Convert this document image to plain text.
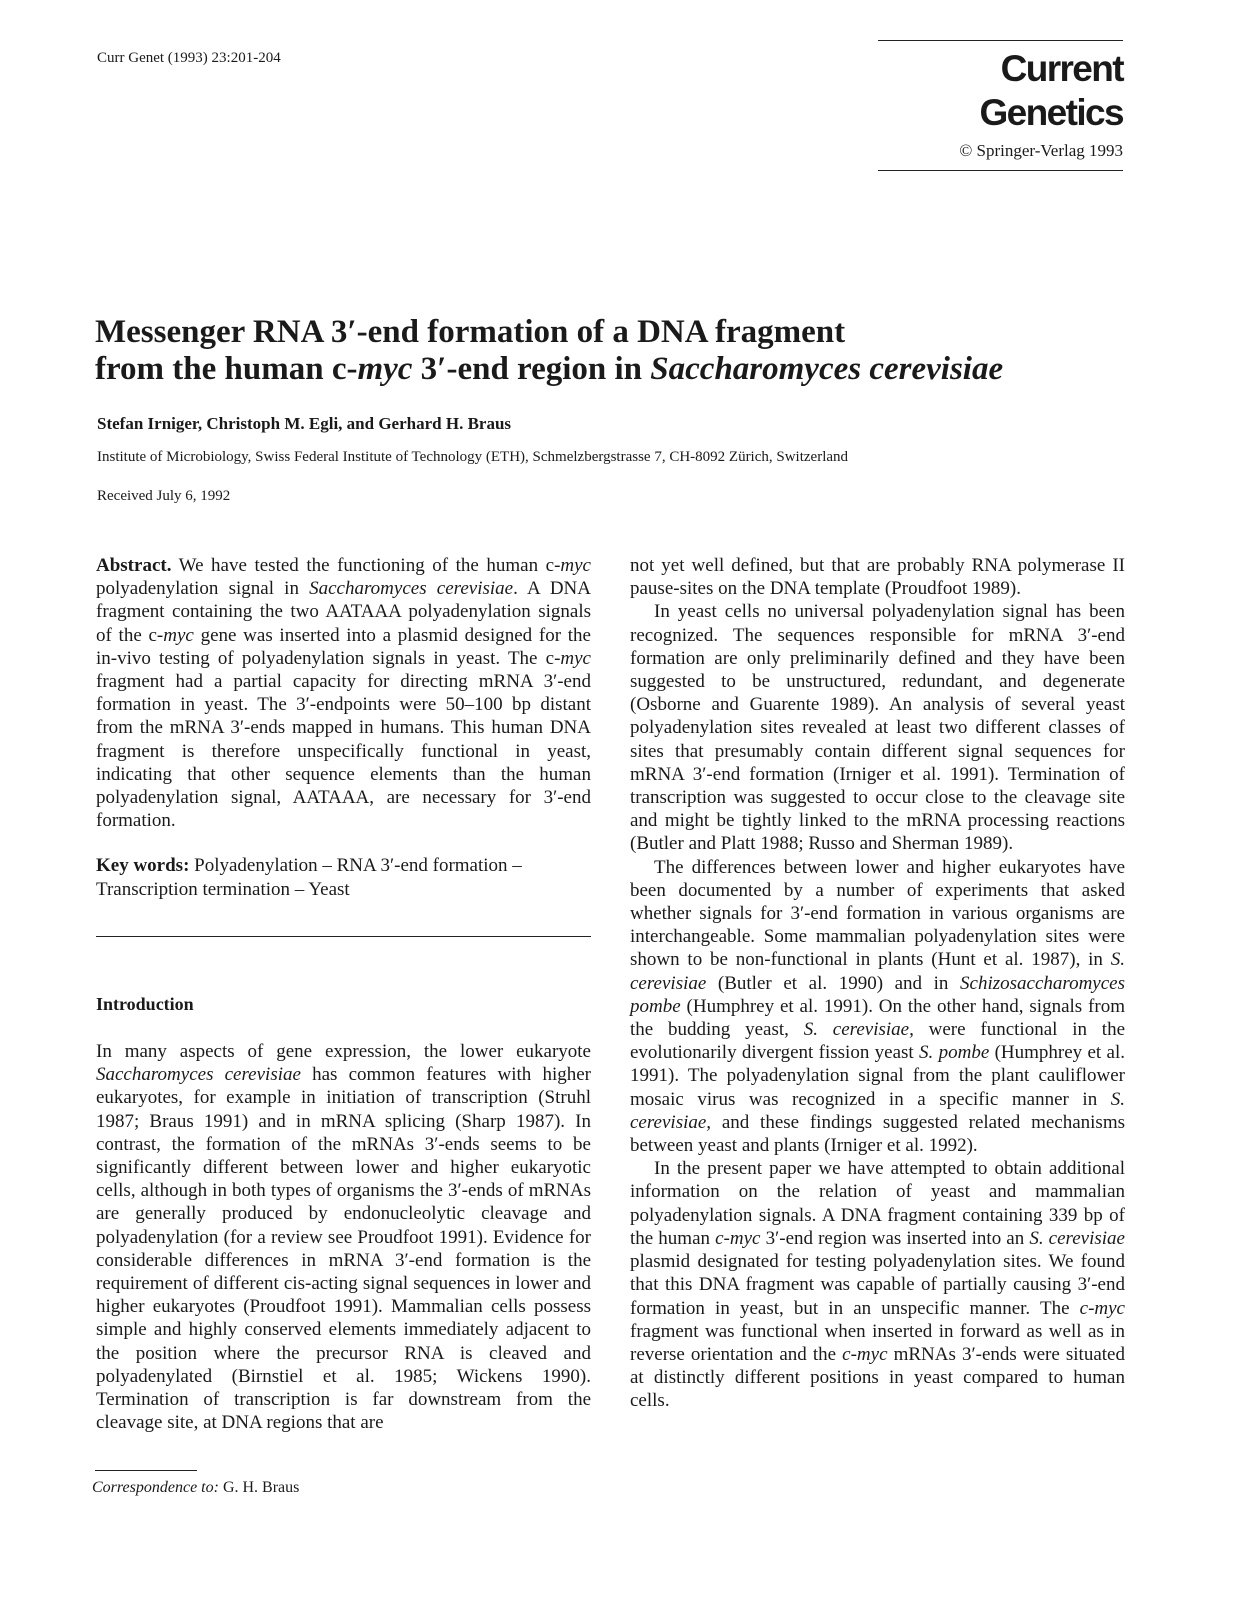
Curr Genet (1993) 23:201-204	Current Genetics
© Springer-Verlag 1993
Messenger RNA 3′-end formation of a DNA fragment
from the human c-myc 3′-end region in Saccharomyces cerevisiae
Stefan Irniger, Christoph M. Egli, and Gerhard H. Braus
Institute of Microbiology, Swiss Federal Institute of Technology (ETH), Schmelzbergstrasse 7, CH-8092 Zürich, Switzerland
Received July 6, 1992

Abstract. We have tested the functioning of the human c-myc polyadenylation signal in Saccharomyces cerevisiae. A DNA fragment containing the two AATAAA polyadenylation signals of the c-myc gene was inserted into a plasmid designed for the in-vivo testing of polyadenylation signals in yeast. The c-myc fragment had a partial capacity for directing mRNA 3′-end formation in yeast. The 3′-endpoints were 50–100 bp distant from the mRNA 3′-ends mapped in humans. This human DNA fragment is therefore unspecifically functional in yeast, indicating that other sequence elements than the human polyadenylation signal, AATAAA, are necessary for 3′-end formation.

Key words: Polyadenylation – RNA 3′-end formation – Transcription termination – Yeast

Introduction

In many aspects of gene expression, the lower eukaryote Saccharomyces cerevisiae has common features with higher eukaryotes, for example in initiation of transcription (Struhl 1987; Braus 1991) and in mRNA splicing (Sharp 1987). In contrast, the formation of the mRNAs 3′-ends seems to be significantly different between lower and higher eukaryotic cells, although in both types of organisms the 3′-ends of mRNAs are generally produced by endonucleolytic cleavage and polyadenylation (for a review see Proudfoot 1991). Evidence for considerable differences in mRNA 3′-end formation is the requirement of different cis-acting signal sequences in lower and higher eukaryotes (Proudfoot 1991). Mammalian cells possess simple and highly conserved elements immediately adjacent to the position where the precursor RNA is cleaved and polyadenylated (Birnstiel et al. 1985; Wickens 1990). Termination of transcription is far downstream from the cleavage site, at DNA regions that are

not yet well defined, but that are probably RNA polymerase II pause-sites on the DNA template (Proudfoot 1989).

In yeast cells no universal polyadenylation signal has been recognized. The sequences responsible for mRNA 3′-end formation are only preliminarily defined and they have been suggested to be unstructured, redundant, and degenerate (Osborne and Guarente 1989). An analysis of several yeast polyadenylation sites revealed at least two different classes of sites that presumably contain different signal sequences for mRNA 3′-end formation (Irniger et al. 1991). Termination of transcription was suggested to occur close to the cleavage site and might be tightly linked to the mRNA processing reactions (Butler and Platt 1988; Russo and Sherman 1989).

The differences between lower and higher eukaryotes have been documented by a number of experiments that asked whether signals for 3′-end formation in various organisms are interchangeable. Some mammalian polyadenylation sites were shown to be non-functional in plants (Hunt et al. 1987), in S. cerevisiae (Butler et al. 1990) and in Schizosaccharomyces pombe (Humphrey et al. 1991). On the other hand, signals from the budding yeast, S. cerevisiae, were functional in the evolutionarily divergent fission yeast S. pombe (Humphrey et al. 1991). The polyadenylation signal from the plant cauliflower mosaic virus was recognized in a specific manner in S. cerevisiae, and these findings suggested related mechanisms between yeast and plants (Irniger et al. 1992).

In the present paper we have attempted to obtain additional information on the relation of yeast and mammalian polyadenylation signals. A DNA fragment containing 339 bp of the human c-myc 3′-end region was inserted into an S. cerevisiae plasmid designated for testing polyadenylation sites. We found that this DNA fragment was capable of partially causing 3′-end formation in yeast, but in an unspecific manner. The c-myc fragment was functional when inserted in forward as well as in reverse orientation and the c-myc mRNAs 3′-ends were situated at distinctly different positions in yeast compared to human cells.

Correspondence to: G. H. Braus
